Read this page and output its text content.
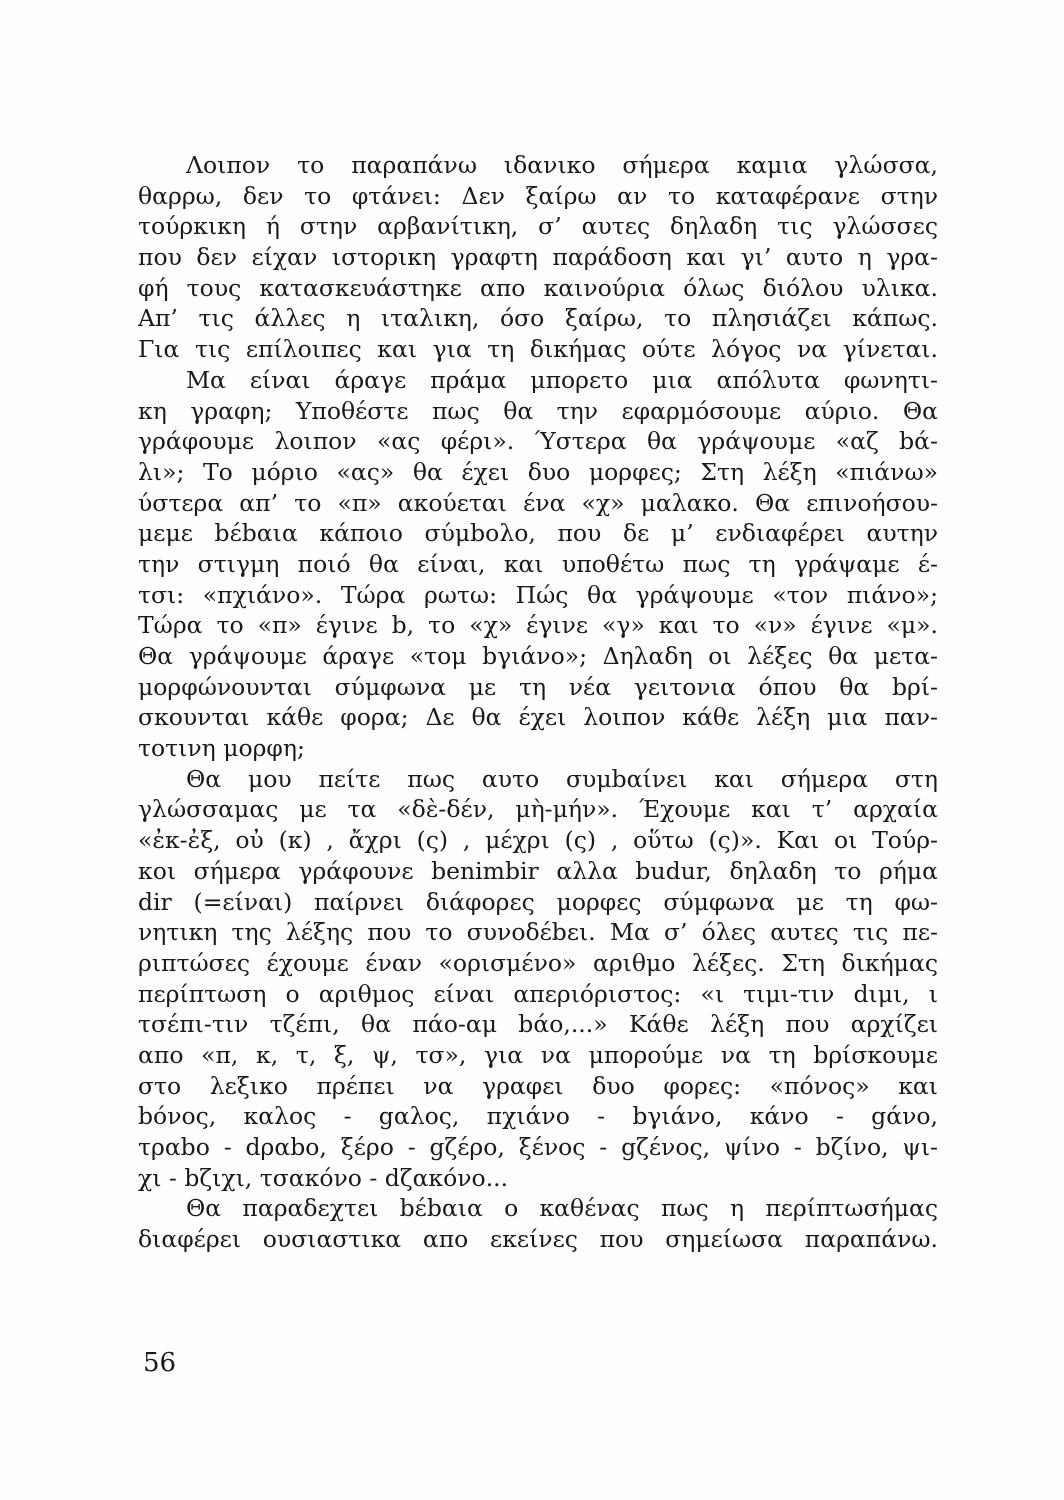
Λοιπον το παραπάνω ιδανικο σήμερα καμια γλώσσα,
θαρρω, δεν το φτάνει: Δεν ξαίρω αν το καταφέρανε στην
τούρκικη ή στην αρβανίτικη, σ’ αυτες δηλαδη τις γλώσσες
που δεν είχαν ιστορικη γραφτη παράδοση και γι’ αυτο η γρα-
φή τους κατασκευάστηκε απο καινούρια όλως διόλου υλικα.
Απ’ τις άλλες η ιταλικη, όσο ξαίρω, το πλησιάζει κάπως.
Για τις επίλοιπες και για τη δικήμας ούτε λόγος να γίνεται.
Μα είναι άραγε πράμα μπορετο μια απόλυτα φωνητι-
κη γραφη; Υποθέστε πως θα την εφαρμόσουμε αύριο. Θα
γράφουμε λοιπον «ας φέρι». Ύστερα θα γράψουμε «αζ bά-
λι»; Το μόριο «ας» θα έχει δυο μορφες; Στη λέξη «πιάνω»
ύστερα απ’ το «π» ακούεται ένα «χ» μαλακο. Θα επινοήσου-
μεμε bέbαια κάποιο σύμbολο, που δε μ’ ενδιαφέρει αυτην
την στιγμη ποιό θα είναι, και υποθέτω πως τη γράψαμε έ-
τσι: «πχιάνο». Τώρα ρωτω: Πώς θα γράψουμε «τον πιάνο»;
Τώρα το «π» έγινε b, το «χ» έγινε «γ» και το «ν» έγινε «μ».
Θα γράψουμε άραγε «τομ bγιάνο»; Δηλαδη οι λέξες θα μετα-
μορφώνουνται σύμφωνα με τη νέα γειτονια όπου θα bρί-
σκουνται κάθε φορα; Δε θα έχει λοιπον κάθε λέξη μια παν-
τοτινη μορφη;
Θα μου πείτε πως αυτο συμbαίνει και σήμερα στη
γλώσσαμας με τα «δὲ-δέν, μὴ-μήν». Έχουμε και τ’ αρχαία
«ἐκ-ἐξ, οὐ (κ) , ἄχρι (ς) , μέχρι (ς) , οὕτω (ς)». Και οι Τούρ-
κοι σήμερα γράφουνε benimbir αλλα budur, δηλαδη το ρήμα
dir (=είναι) παίρνει διάφορες μορφες σύμφωνα με τη φω-
νητικη της λέξης που το συνοδέbει. Μα σ’ όλες αυτες τις πε-
ριπτώσες έχουμε έναν «ορισμένο» αριθμο λέξες. Στη δικήμας
περίπτωση ο αριθμος είναι απεριόριστος: «ι τιμι-τιν dιμι, ι
τσέπι-τιν τζέπι, θα πάο-αμ bάο,...» Κάθε λέξη που αρχίζει
απο «π, κ, τ, ξ, ψ, τσ», για να μπορούμε να τη bρίσκουμε
στο λεξικο πρέπει να γραφει δυο φορες: «πόνος» και
bόνος, καλος - gαλος, πχιάνο - bγιάνο, κάνο - gάνο,
τραbο - dραbο, ξέρο - gζέρο, ξένος - gζένος, ψίνο - bζίνο, ψι-
χι - bζιχι, τσακόνο - dζακόνο...
Θα παραδεχτει bέbαια ο καθένας πως η περίπτωσήμας
διαφέρει ουσιαστικα απο εκείνες που σημείωσα παραπάνω.
56
